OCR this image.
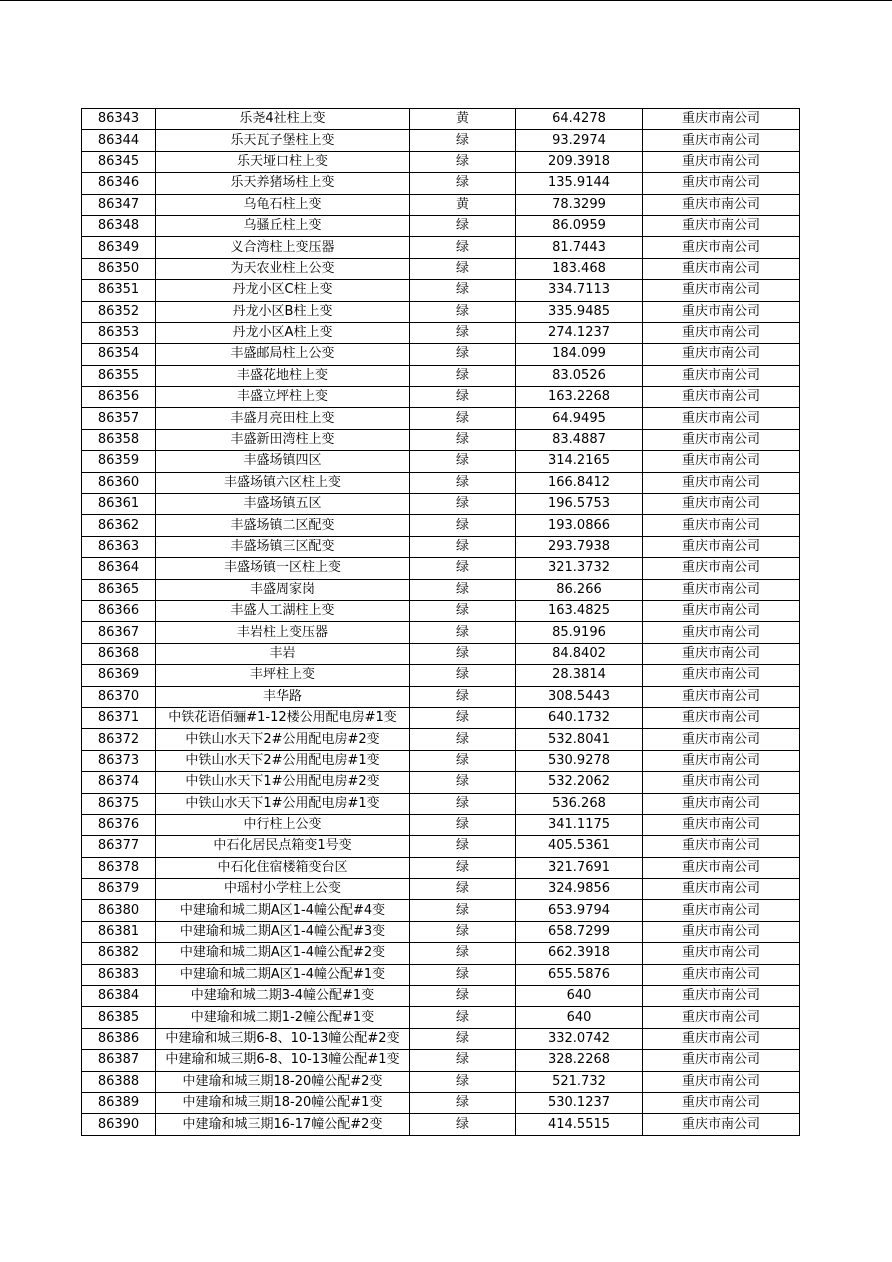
86343	乐尧4社柱上变	黄	64.4278	重庆市南公司
86344	乐天瓦子堡柱上变	绿	93.2974	重庆市南公司
86345	乐天垭口柱上变	绿	209.3918	重庆市南公司
86346	乐天养猪场柱上变	绿	135.9144	重庆市南公司
86347	乌龟石柱上变	黄	78.3299	重庆市南公司
86348	乌骚丘柱上变	绿	86.0959	重庆市南公司
86349	义合湾柱上变压器	绿	81.7443	重庆市南公司
86350	为天农业柱上公变	绿	183.468	重庆市南公司
86351	丹龙小区C柱上变	绿	334.7113	重庆市南公司
86352	丹龙小区B柱上变	绿	335.9485	重庆市南公司
86353	丹龙小区A柱上变	绿	274.1237	重庆市南公司
86354	丰盛邮局柱上公变	绿	184.099	重庆市南公司
86355	丰盛花地柱上变	绿	83.0526	重庆市南公司
86356	丰盛立坪柱上变	绿	163.2268	重庆市南公司
86357	丰盛月亮田柱上变	绿	64.9495	重庆市南公司
86358	丰盛新田湾柱上变	绿	83.4887	重庆市南公司
86359	丰盛场镇四区	绿	314.2165	重庆市南公司
86360	丰盛场镇六区柱上变	绿	166.8412	重庆市南公司
86361	丰盛场镇五区	绿	196.5753	重庆市南公司
86362	丰盛场镇二区配变	绿	193.0866	重庆市南公司
86363	丰盛场镇三区配变	绿	293.7938	重庆市南公司
86364	丰盛场镇一区柱上变	绿	321.3732	重庆市南公司
86365	丰盛周家岗	绿	86.266	重庆市南公司
86366	丰盛人工湖柱上变	绿	163.4825	重庆市南公司
86367	丰岩柱上变压器	绿	85.9196	重庆市南公司
86368	丰岩	绿	84.8402	重庆市南公司
86369	丰坪柱上变	绿	28.3814	重庆市南公司
86370	丰华路	绿	308.5443	重庆市南公司
86371	中铁花语佰骊#1-12楼公用配电房#1变	绿	640.1732	重庆市南公司
86372	中铁山水天下2#公用配电房#2变	绿	532.8041	重庆市南公司
86373	中铁山水天下2#公用配电房#1变	绿	530.9278	重庆市南公司
86374	中铁山水天下1#公用配电房#2变	绿	532.2062	重庆市南公司
86375	中铁山水天下1#公用配电房#1变	绿	536.268	重庆市南公司
86376	中行柱上公变	绿	341.1175	重庆市南公司
86377	中石化居民点箱变1号变	绿	405.5361	重庆市南公司
86378	中石化住宿楼箱变台区	绿	321.7691	重庆市南公司
86379	中瑶村小学柱上公变	绿	324.9856	重庆市南公司
86380	中建瑜和城二期A区1-4幢公配#4变	绿	653.9794	重庆市南公司
86381	中建瑜和城二期A区1-4幢公配#3变	绿	658.7299	重庆市南公司
86382	中建瑜和城二期A区1-4幢公配#2变	绿	662.3918	重庆市南公司
86383	中建瑜和城二期A区1-4幢公配#1变	绿	655.5876	重庆市南公司
86384	中建瑜和城二期3-4幢公配#1变	绿	640	重庆市南公司
86385	中建瑜和城二期1-2幢公配#1变	绿	640	重庆市南公司
86386	中建瑜和城三期6-8、10-13幢公配#2变	绿	332.0742	重庆市南公司
86387	中建瑜和城三期6-8、10-13幢公配#1变	绿	328.2268	重庆市南公司
86388	中建瑜和城三期18-20幢公配#2变	绿	521.732	重庆市南公司
86389	中建瑜和城三期18-20幢公配#1变	绿	530.1237	重庆市南公司
86390	中建瑜和城三期16-17幢公配#2变	绿	414.5515	重庆市南公司
